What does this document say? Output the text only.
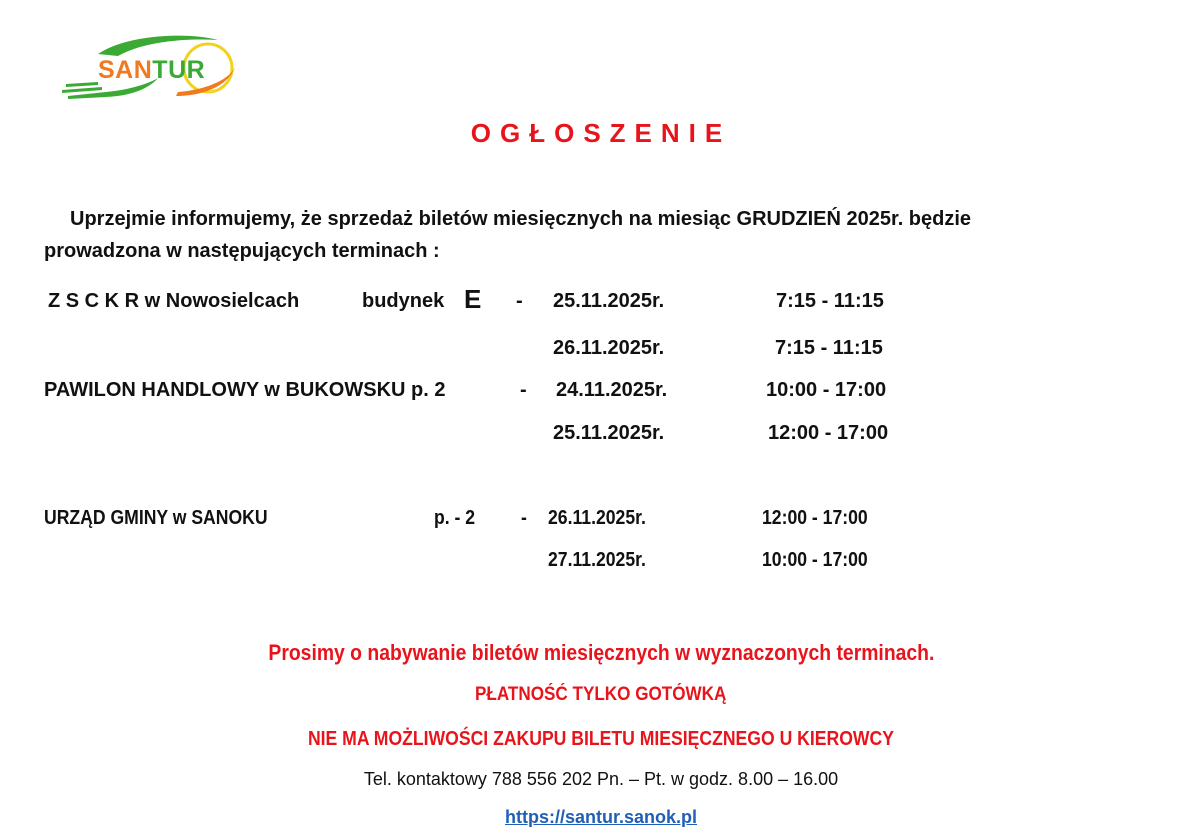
SANTUR
OGŁOSZENIE
Uprzejmie informujemy, że sprzedaż biletów miesięcznych na miesiąc GRUDZIEŃ 2025r. będzie
prowadzona w następujących terminach :
Z S C K R w Nowosielcach	budynek E - 25.11.2025r.	7:15 - 11:15
26.11.2025r.	7:15 - 11:15
PAWILON HANDLOWY w BUKOWSKU p. 2	- 24.11.2025r.	10:00 - 17:00
25.11.2025r.	12:00 - 17:00
URZĄD GMINY w SANOKU	p. - 2 - 26.11.2025r.	12:00 - 17:00
27.11.2025r.	10:00 - 17:00
Prosimy o nabywanie biletów miesięcznych w wyznaczonych terminach.
PŁATNOŚĆ TYLKO GOTÓWKĄ
NIE MA MOŻLIWOŚCI ZAKUPU BILETU MIESIĘCZNEGO U KIEROWCY
Tel. kontaktowy 788 556 202 Pn. – Pt. w godz. 8.00 – 16.00
https://santur.sanok.pl
